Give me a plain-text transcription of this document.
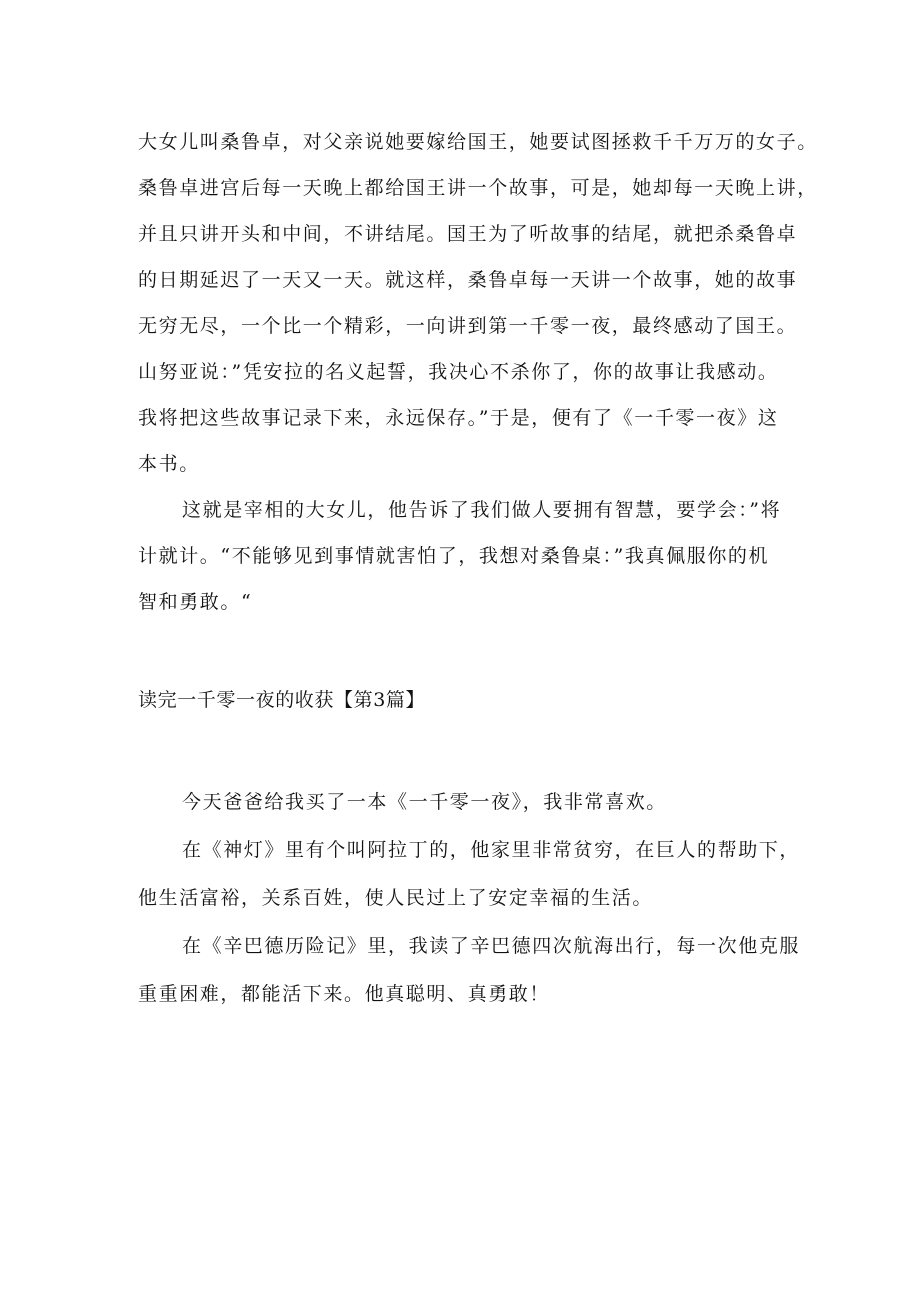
大女儿叫桑鲁卓，对父亲说她要嫁给国王，她要试图拯救千千万万的女子。
桑鲁卓进宫后每一天晚上都给国王讲一个故事，可是，她却每一天晚上讲，
并且只讲开头和中间，不讲结尾。国王为了听故事的结尾，就把杀桑鲁卓
的日期延迟了一天又一天。就这样，桑鲁卓每一天讲一个故事，她的故事
无穷无尽，一个比一个精彩，一向讲到第一千零一夜，最终感动了国王。
山努亚说：”凭安拉的名义起誓，我决心不杀你了，你的故事让我感动。
我将把这些故事记录下来，永远保存。”于是，便有了《一千零一夜》这
本书。
这就是宰相的大女儿，他告诉了我们做人要拥有智慧，要学会：”将
计就计。“不能够见到事情就害怕了，我想对桑鲁桌：”我真佩服你的机
智和勇敢。“
读完一千零一夜的收获【第3篇】
今天爸爸给我买了一本《一千零一夜》，我非常喜欢。
在《神灯》里有个叫阿拉丁的，他家里非常贫穷，在巨人的帮助下，
他生活富裕，关系百姓，使人民过上了安定幸福的生活。
在《辛巴德历险记》里，我读了辛巴德四次航海出行，每一次他克服
重重困难，都能活下来。他真聪明、真勇敢！
